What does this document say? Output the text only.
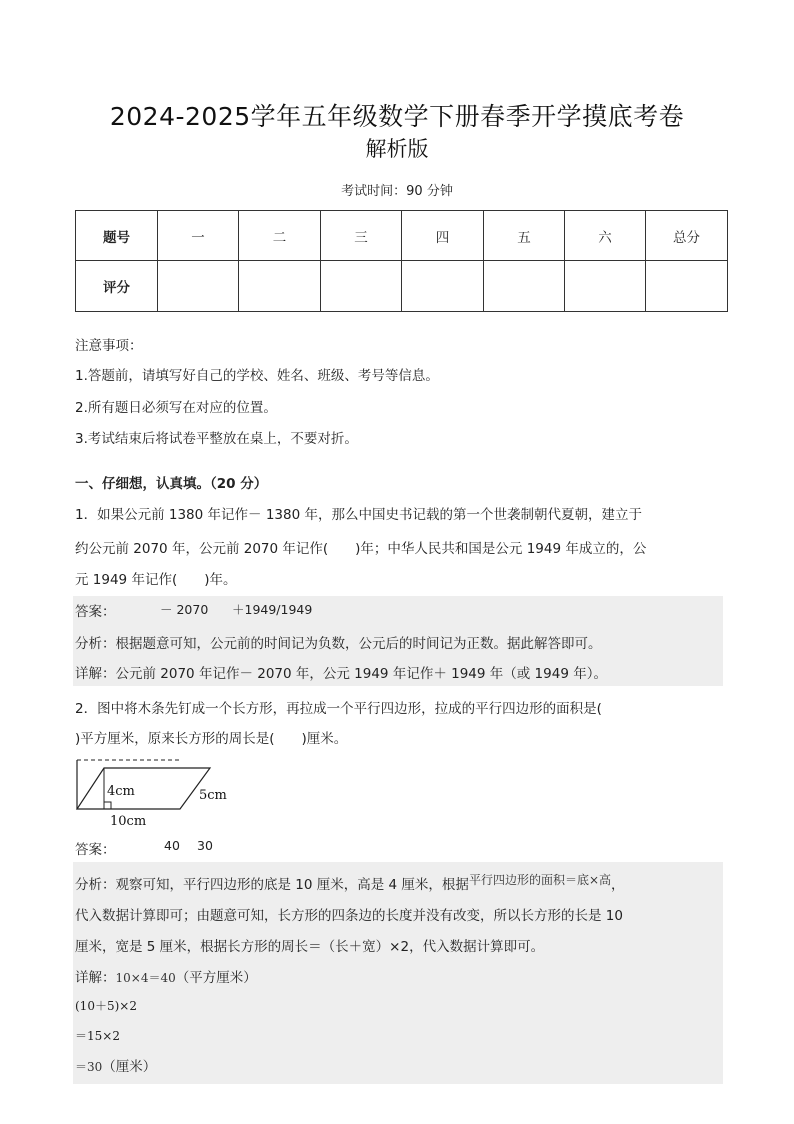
2024-2025学年五年级数学下册春季开学摸底考卷
解析版
考试时间：90 分钟
题号	一	二	三	四	五	六	总分
评分							
注意事项：
1.答题前，请填写好自己的学校、姓名、班级、考号等信息。
2.所有题日必须写在对应的位置。
3.考试结束后将试卷平整放在桌上，不要对折。
一、仔细想，认真填。（20 分）
1．如果公元前 1380 年记作－ 1380 年，那么中国史书记载的第一个世袭制朝代夏朝，建立于
约公元前 2070 年，公元前 2070 年记作(　　)年；中华人民共和国是公元 1949 年成立的，公
元 1949 年记作(　　)年。
答案：	－ 2070 ＋1949/1949
分析：根据题意可知，公元前的时间记为负数，公元后的时间记为正数。据此解答即可。
详解：公元前 2070 年记作－ 2070 年，公元 1949 年记作＋ 1949 年（或 1949 年）。
2．图中将木条先钉成一个长方形，再拉成一个平行四边形，拉成的平行四边形的面积是(
)平方厘米，原来长方形的周长是(　　)厘米。
4cm	5cm
10cm
答案：	40 30
分析：观察可知，平行四边形的底是 10 厘米，高是 4 厘米，根据平行四边形的面积＝底×高，
代入数据计算即可；由题意可知，长方形的四条边的长度并没有改变，所以长方形的长是 10
厘米，宽是 5 厘米，根据长方形的周长＝（长＋宽）×2，代入数据计算即可。
详解：10×4＝40（平方厘米）
(10＋5)×2
＝15×2
＝30（厘米）
